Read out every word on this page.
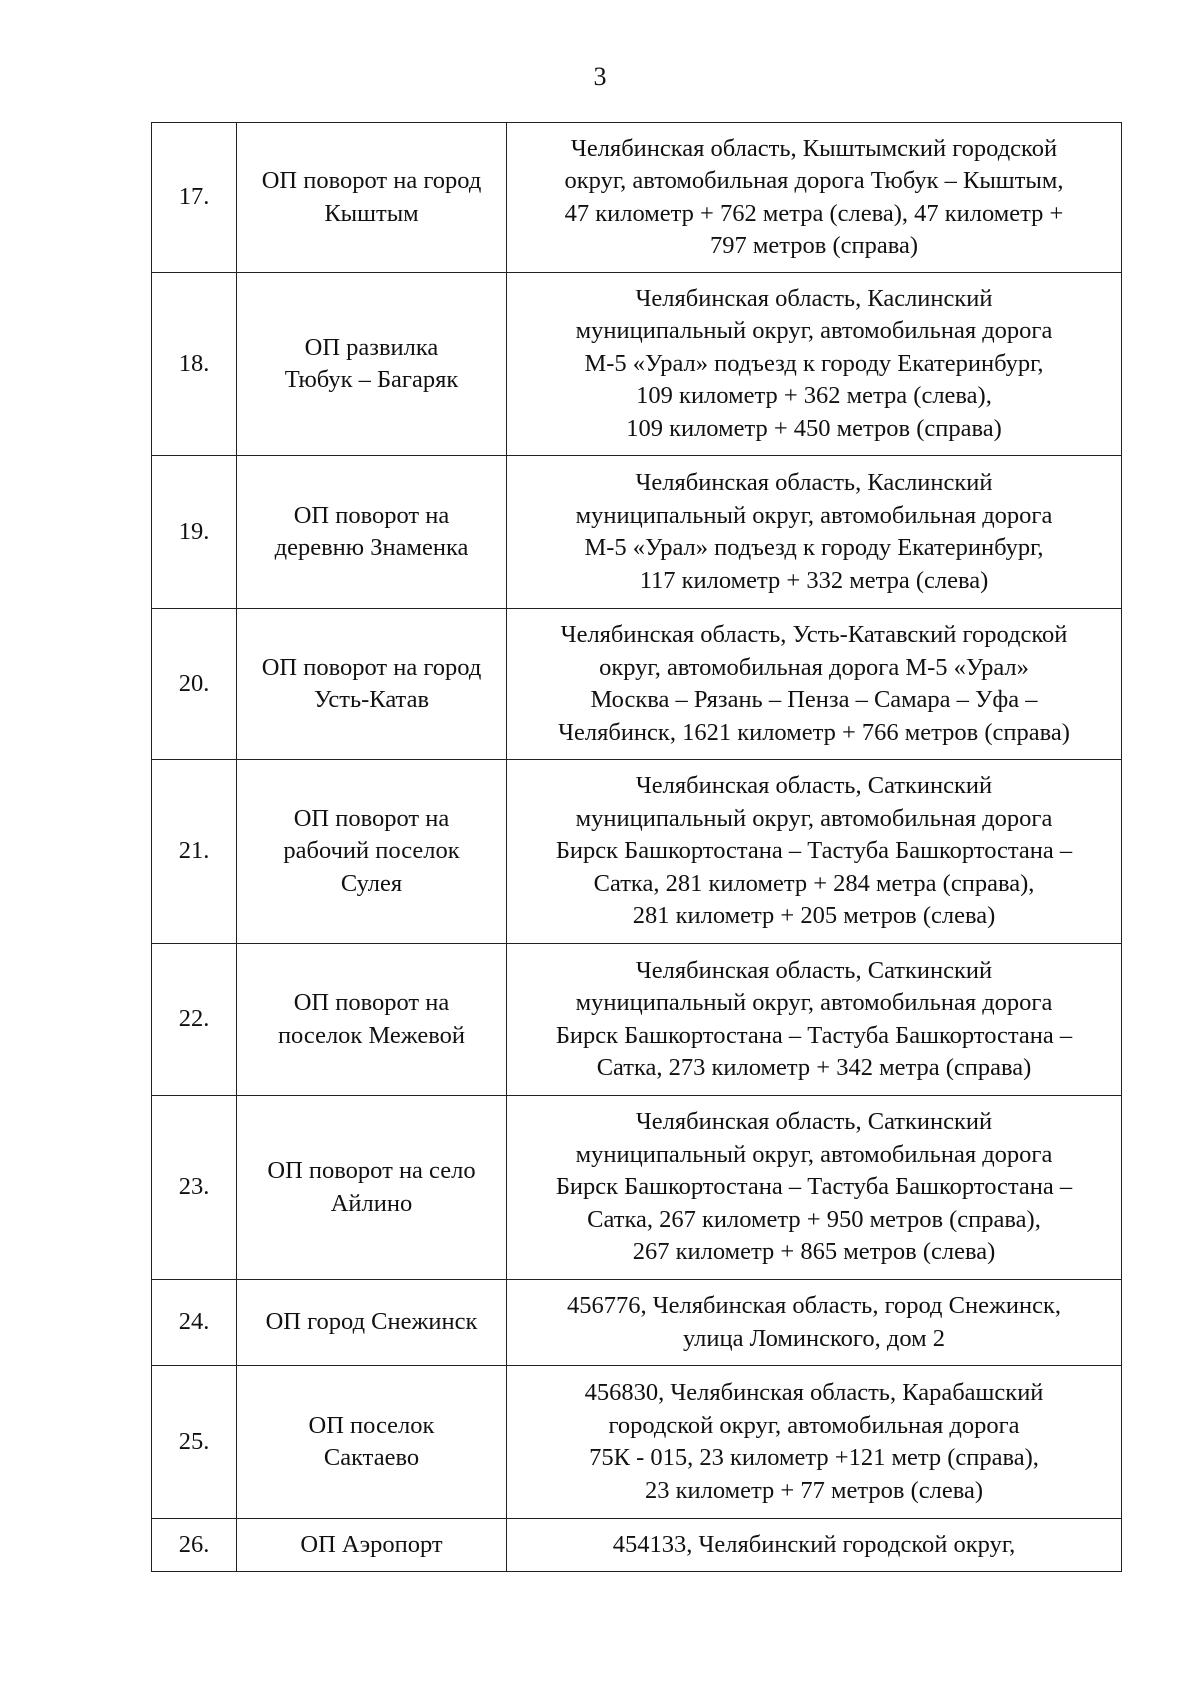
3
17.	ОП поворот на город
Кыштым	Челябинская область, Кыштымский городской
округ, автомобильная дорога Тюбук – Кыштым,
47 километр + 762 метра (слева), 47 километр +
797 метров (справа)
18.	ОП развилка
Тюбук – Багаряк	Челябинская область, Каслинский
муниципальный округ, автомобильная дорога
М-5 «Урал» подъезд к городу Екатеринбург,
109 километр + 362 метра (слева),
109 километр + 450 метров (справа)
19.	ОП поворот на
деревню Знаменка	Челябинская область, Каслинский
муниципальный округ, автомобильная дорога
М-5 «Урал» подъезд к городу Екатеринбург,
117 километр + 332 метра (слева)
20.	ОП поворот на город
Усть-Катав	Челябинская область, Усть-Катавский городской
округ, автомобильная дорога М-5 «Урал»
Москва – Рязань – Пенза – Самара – Уфа –
Челябинск, 1621 километр + 766 метров (справа)
21.	ОП поворот на
рабочий поселок
Сулея	Челябинская область, Саткинский
муниципальный округ, автомобильная дорога
Бирск Башкортостана – Тастуба Башкортостана –
Сатка, 281 километр + 284 метра (справа),
281 километр + 205 метров (слева)
22.	ОП поворот на
поселок Межевой	Челябинская область, Саткинский
муниципальный округ, автомобильная дорога
Бирск Башкортостана – Тастуба Башкортостана –
Сатка, 273 километр + 342 метра (справа)
23.	ОП поворот на село
Айлино	Челябинская область, Саткинский
муниципальный округ, автомобильная дорога
Бирск Башкортостана – Тастуба Башкортостана –
Сатка, 267 километр + 950 метров (справа),
267 километр + 865 метров (слева)
24.	ОП город Снежинск	456776, Челябинская область, город Снежинск,
улица Ломинского, дом 2
25.	ОП поселок
Сактаево	456830, Челябинская область, Карабашский
городской округ, автомобильная дорога
75К - 015, 23 километр +121 метр (справа),
23 километр + 77 метров (слева)
26.	ОП Аэропорт	454133, Челябинский городской округ,
